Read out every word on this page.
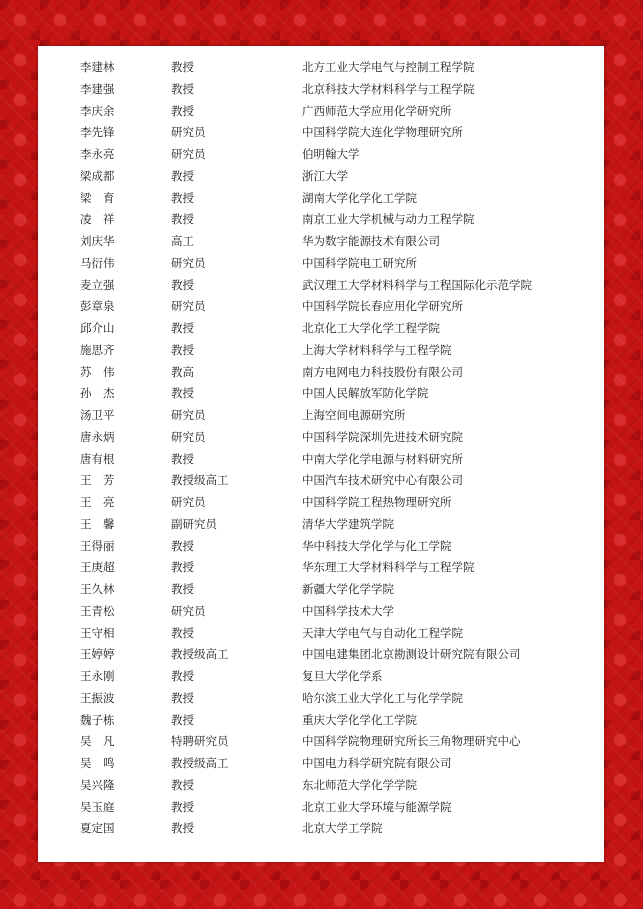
李建林	教授	北方工业大学电气与控制工程学院
李建强	教授	北京科技大学材料科学与工程学院
李庆余	教授	广西师范大学应用化学研究所
李先锋	研究员	中国科学院大连化学物理研究所
李永亮	研究员	伯明翰大学
梁成都	教授	浙江大学
梁　育	教授	湖南大学化学化工学院
凌　祥	教授	南京工业大学机械与动力工程学院
刘庆华	高工	华为数字能源技术有限公司
马衍伟	研究员	中国科学院电工研究所
麦立强	教授	武汉理工大学材料科学与工程国际化示范学院
彭章泉	研究员	中国科学院长春应用化学研究所
邱介山	教授	北京化工大学化学工程学院
施思齐	教授	上海大学材料科学与工程学院
苏　伟	教高	南方电网电力科技股份有限公司
孙　杰	教授	中国人民解放军防化学院
汤卫平	研究员	上海空间电源研究所
唐永炳	研究员	中国科学院深圳先进技术研究院
唐有根	教授	中南大学化学电源与材料研究所
王　芳	教授级高工	中国汽车技术研究中心有限公司
王　亮	研究员	中国科学院工程热物理研究所
王　馨	副研究员	清华大学建筑学院
王得丽	教授	华中科技大学化学与化工学院
王庚超	教授	华东理工大学材料科学与工程学院
王久林	教授	新疆大学化学学院
王青松	研究员	中国科学技术大学
王守相	教授	天津大学电气与自动化工程学院
王婷婷	教授级高工	中国电建集团北京勘测设计研究院有限公司
王永刚	教授	复旦大学化学系
王振波	教授	哈尔滨工业大学化工与化学学院
魏子栋	教授	重庆大学化学化工学院
吴　凡	特聘研究员	中国科学院物理研究所长三角物理研究中心
吴　鸣	教授级高工	中国电力科学研究院有限公司
吴兴隆	教授	东北师范大学化学学院
吴玉庭	教授	北京工业大学环境与能源学院
夏定国	教授	北京大学工学院
